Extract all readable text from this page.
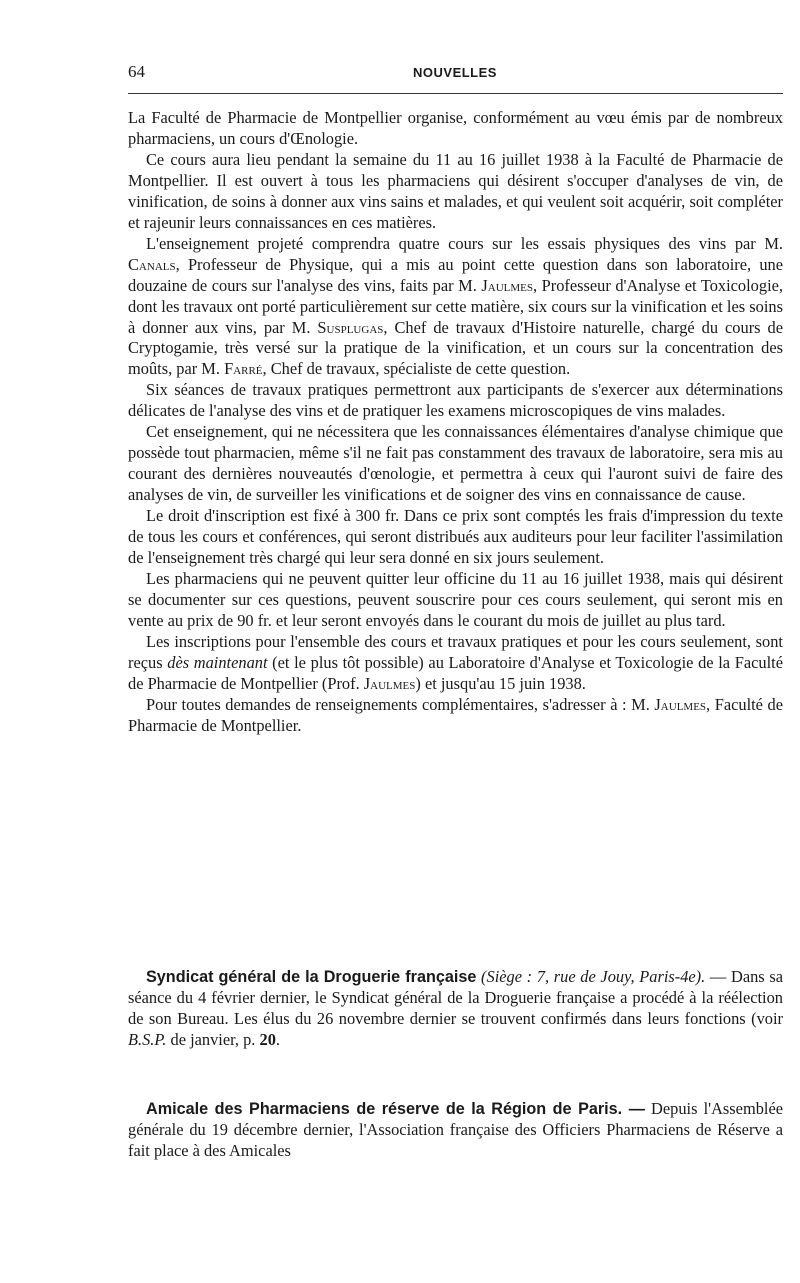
64	NOUVELLES

La Faculté de Pharmacie de Montpellier organise, conformément au vœu émis par de nombreux pharmaciens, un cours d'Œnologie.

Ce cours aura lieu pendant la semaine du 11 au 16 juillet 1938 à la Faculté de Pharmacie de Montpellier. Il est ouvert à tous les pharmaciens qui désirent s'occuper d'analyses de vin, de vinification, de soins à donner aux vins sains et malades, et qui veulent soit acquérir, soit compléter et rajeunir leurs connaissances en ces matières.

L'enseignement projeté comprendra quatre cours sur les essais physiques des vins par M. Canals, Professeur de Physique, qui a mis au point cette question dans son laboratoire, une douzaine de cours sur l'analyse des vins, faits par M. Jaulmes, Professeur d'Analyse et Toxicologie, dont les travaux ont porté particulièrement sur cette matière, six cours sur la vinification et les soins à donner aux vins, par M. Susplugas, Chef de travaux d'Histoire naturelle, chargé du cours de Cryptogamie, très versé sur la pratique de la vinification, et un cours sur la concentration des moûts, par M. Farré, Chef de travaux, spécialiste de cette question.

Six séances de travaux pratiques permettront aux participants de s'exercer aux déterminations délicates de l'analyse des vins et de pratiquer les examens microscopiques de vins malades.

Cet enseignement, qui ne nécessitera que les connaissances élémentaires d'analyse chimique que possède tout pharmacien, même s'il ne fait pas constamment des travaux de laboratoire, sera mis au courant des dernières nouveautés d'œnologie, et permettra à ceux qui l'auront suivi de faire des analyses de vin, de surveiller les vinifications et de soigner des vins en connaissance de cause.

Le droit d'inscription est fixé à 300 fr. Dans ce prix sont comptés les frais d'impression du texte de tous les cours et conférences, qui seront distribués aux auditeurs pour leur faciliter l'assimilation de l'enseignement très chargé qui leur sera donné en six jours seulement.

Les pharmaciens qui ne peuvent quitter leur officine du 11 au 16 juillet 1938, mais qui désirent se documenter sur ces questions, peuvent souscrire pour ces cours seulement, qui seront mis en vente au prix de 90 fr. et leur seront envoyés dans le courant du mois de juillet au plus tard.

Les inscriptions pour l'ensemble des cours et travaux pratiques et pour les cours seulement, sont reçus dès maintenant (et le plus tôt possible) au Laboratoire d'Analyse et Toxicologie de la Faculté de Pharmacie de Montpellier (Prof. Jaulmes) et jusqu'au 15 juin 1938.

Pour toutes demandes de renseignements complémentaires, s'adresser à : M. Jaulmes, Faculté de Pharmacie de Montpellier.

Syndicat général de la Droguerie française (Siège : 7, rue de Jouy, Paris-4e). — Dans sa séance du 4 février dernier, le Syndicat général de la Droguerie française a procédé à la réélection de son Bureau. Les élus du 26 novembre dernier se trouvent confirmés dans leurs fonctions (voir B.S.P. de janvier, p. 20.

Amicale des Pharmaciens de réserve de la Région de Paris. — Depuis l'Assemblée générale du 19 décembre dernier, l'Association française des Officiers Pharmaciens de Réserve a fait place à des Amicales
